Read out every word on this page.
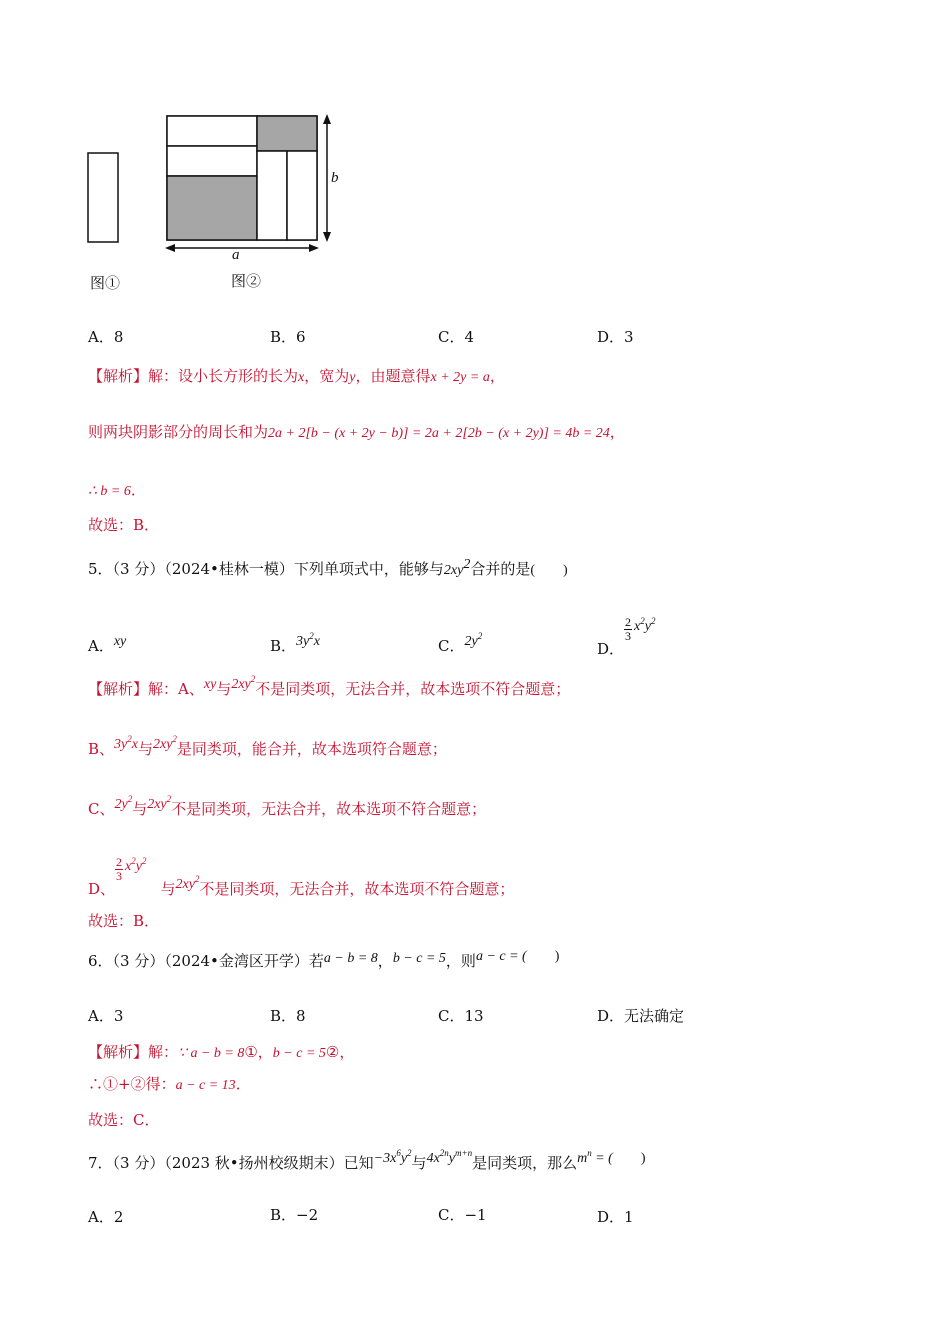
b
a
图①	图②
A．8	B．6	C．4	D．3
【解析】解：设小长方形的长为x，宽为y，由题意得x + 2y = a，
则两块阴影部分的周长和为2a + 2[b − (x + 2y − b)] = 2a + 2[2b − (x + 2y)] = 4b = 24，
∴ b = 6．
故选：B．
5．（3 分）（2024•桂林一模）下列单项式中，能够与$2xy^2$合并的是(　　)
A．xy	B．$3y^2x$	C．$2y^2$
D．
$\frac{2}{3} x^2y^2$
【解析】解：A、xy与$2xy^2$不是同类项，无法合并，故本选项不符合题意；
B、$3y^2x$与$2xy^2$是同类项，能合并，故本选项符合题意；
C、$2y^2$与$2xy^2$不是同类项，无法合并，故本选项不符合题意；
D、
$\frac{2}{3} x^2y^2$与$2xy^2$不是同类项，无法合并，故本选项不符合题意；
故选：B．
6．（3 分）（2024•金湾区开学）若a − b = 8，b − c = 5，则a − c = (　　)
A．3	B．8	C．13	D．无法确定
【解析】解：∵ a − b = 8①，b − c = 5②，
∴①+②得：a − c = 13．
故选：C．
7．（3 分）（2023 秋•扬州校级期末）已知$-3x^6y^2$与$4x^{2n}y^{m+n}$是同类项，那么$m^n$ = (　　)
A．2	B．−2	C．−1	D．1
